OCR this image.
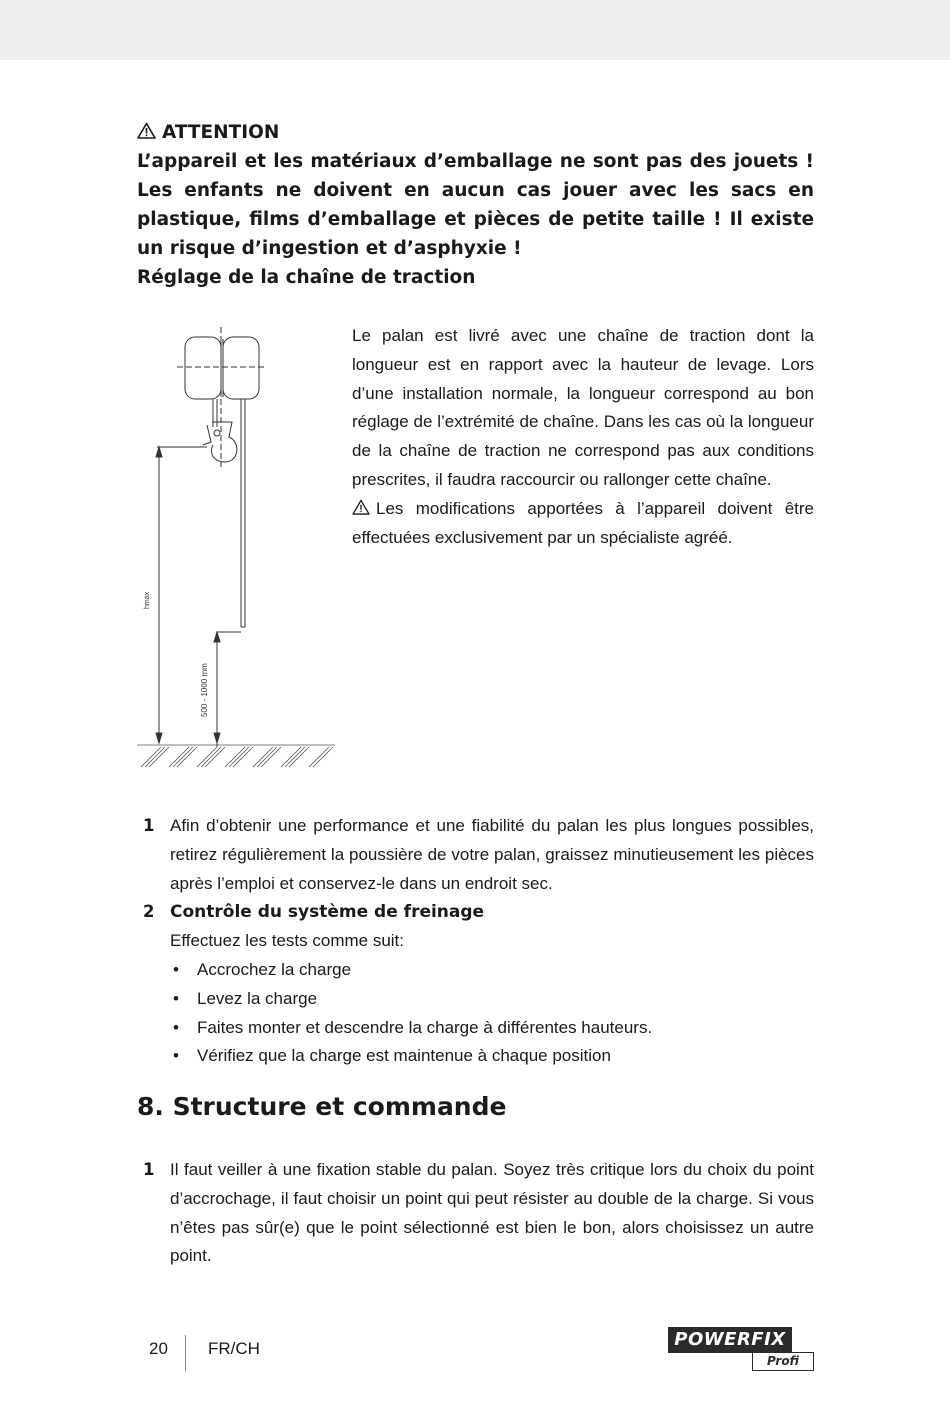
ATTENTION
L’appareil et les matériaux d’emballage ne sont pas des jouets ! Les enfants ne doivent en aucun cas jouer avec les sacs en plastique, films d’emballage et pièces de petite taille ! Il existe un risque d’ingestion et d’asphyxie !
Réglage de la chaîne de traction
hmax
500 - 1000 mm
Le palan est livré avec une chaîne de traction dont la longueur est en rapport avec la hauteur de levage. Lors d’une installation normale, la longueur correspond au bon réglage de l’extrémité de chaîne. Dans les cas où la longueur de la chaîne de traction ne correspond pas aux conditions prescrites, il faudra raccourcir ou rallonger cette chaîne.
Les modifications apportées à l’appareil doivent être effectuées exclusivement par un spécialiste agréé.
1 Afin d’obtenir une performance et une fiabilité du palan les plus longues possibles, retirez régulièrement la poussière de votre palan, graissez minutieusement les pièces après l’emploi et conservez-le dans un endroit sec.
2 Contrôle du système de freinage
Effectuez les tests comme suit:
• Accrochez la charge
• Levez la charge
• Faites monter et descendre la charge à différentes hauteurs.
• Vérifiez que la charge est maintenue à chaque position
8. Structure et commande
1 Il faut veiller à une fixation stable du palan. Soyez très critique lors du choix du point d’accrochage, il faut choisir un point qui peut résister au double de la charge. Si vous n’êtes pas sûr(e) que le point sélectionné est bien le bon, alors choisissez un autre point.
20 FR/CH	POWERFIX
Profi
